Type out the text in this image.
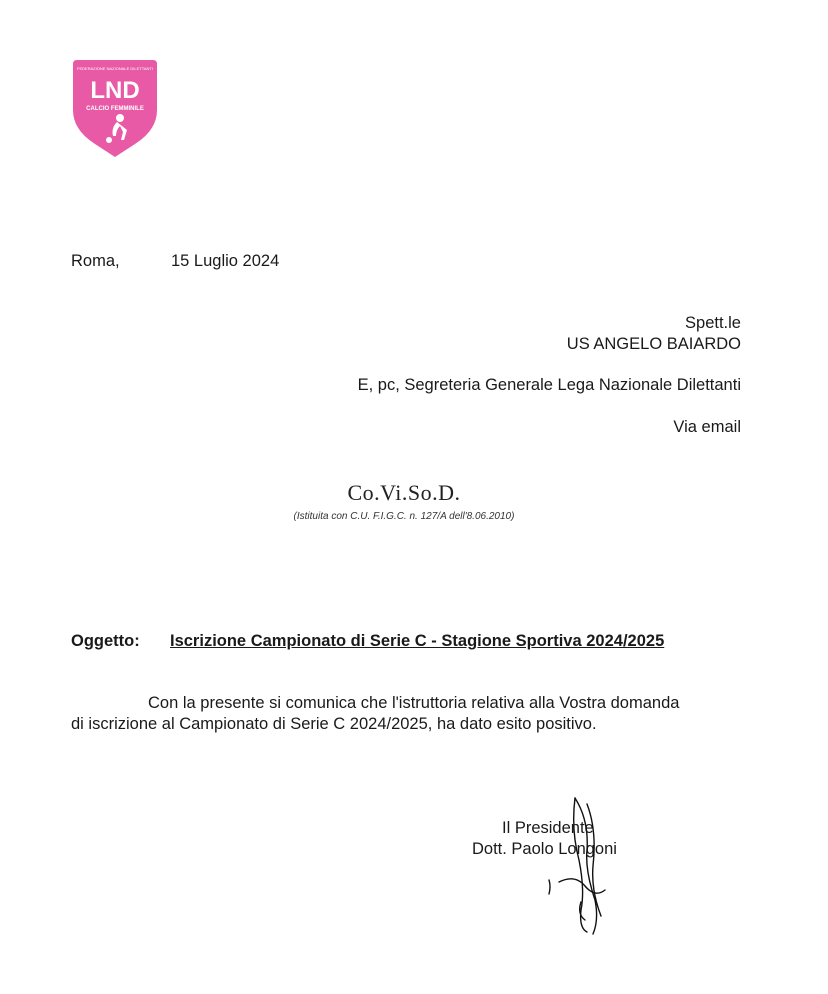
FEDERAZIONE NAZIONALE DILETTANTI
LND
CALCIO FEMMINILE
Roma,	15 Luglio 2024
Spett.le
US ANGELO BAIARDO
E, pc, Segreteria Generale Lega Nazionale Dilettanti
Via email
Co.Vi.So.D.
(Istituita con C.U. F.I.G.C. n. 127/A dell'8.06.2010)
Oggetto: Iscrizione Campionato di Serie C - Stagione Sportiva 2024/2025
Con la presente si comunica che l'istruttoria relativa alla Vostra domanda
di iscrizione al Campionato di Serie C 2024/2025, ha dato esito positivo.
Il Presidente
Dott. Paolo Longoni
